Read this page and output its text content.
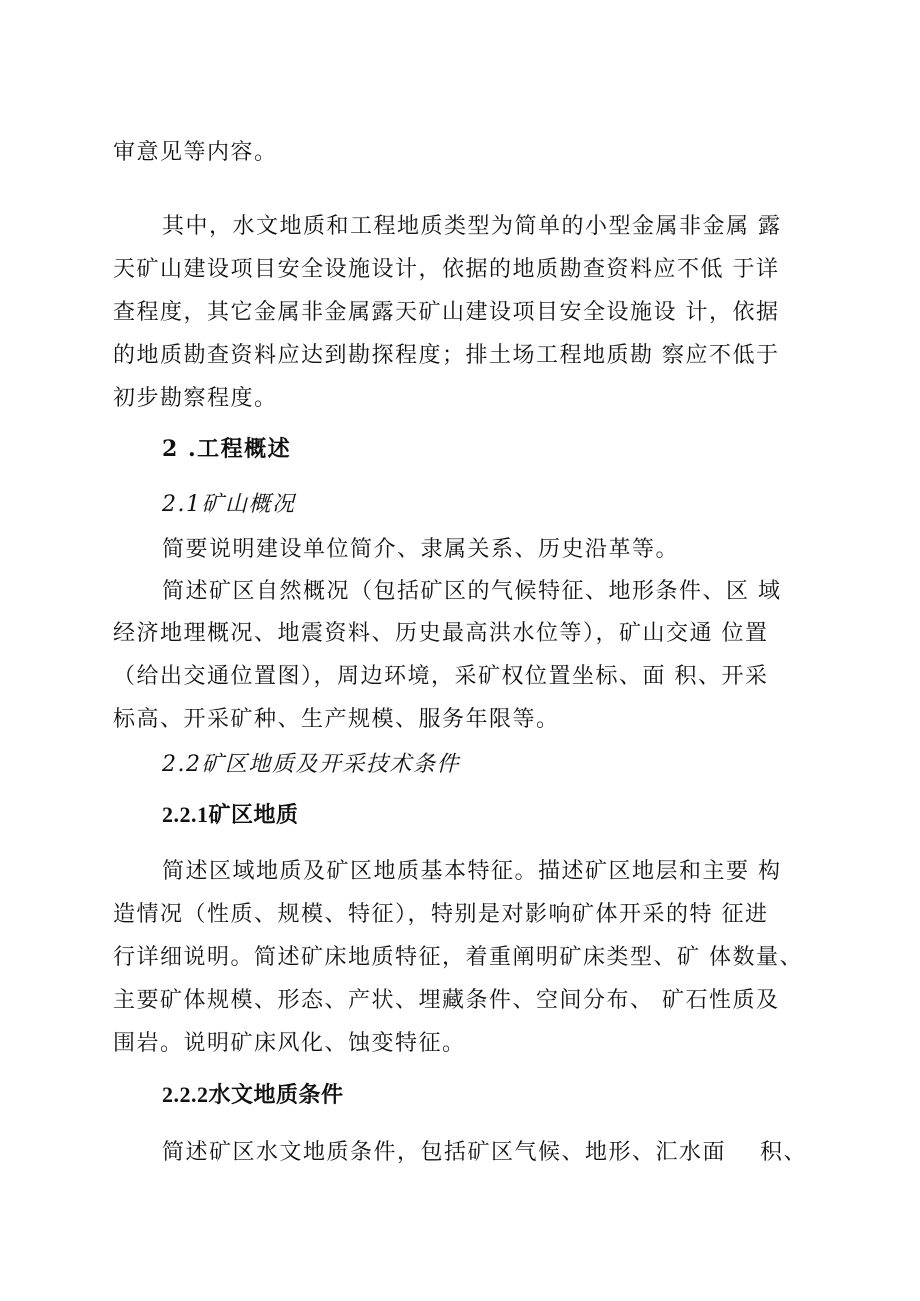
审意见等内容。
其中，水文地质和工程地质类型为简单的小型金属非金属 露
天矿山建设项目安全设施设计，依据的地质勘查资料应不低 于详
查程度，其它金属非金属露天矿山建设项目安全设施设 计，依据
的地质勘查资料应达到勘探程度；排土场工程地质勘 察应不低于
初步勘察程度。
2 .工程概述
2.1矿山概况
简要说明建设单位简介、隶属关系、历史沿革等。
简述矿区自然概况（包括矿区的气候特征、地形条件、区 域
经济地理概况、地震资料、历史最高洪水位等），矿山交通 位置
（给出交通位置图），周边环境，采矿权位置坐标、面 积、开采
标高、开采矿种、生产规模、服务年限等。
2.2矿区地质及开采技术条件
2.2.1矿区地质
简述区域地质及矿区地质基本特征。描述矿区地层和主要 构
造情况（性质、规模、特征），特别是对影响矿体开采的特 征进
行详细说明。简述矿床地质特征，着重阐明矿床类型、矿 体数量、
主要矿体规模、形态、产状、埋藏条件、空间分布、 矿石性质及
围岩。说明矿床风化、蚀变特征。
2.2.2水文地质条件
简述矿区水文地质条件，包括矿区气候、地形、汇水面    积、
